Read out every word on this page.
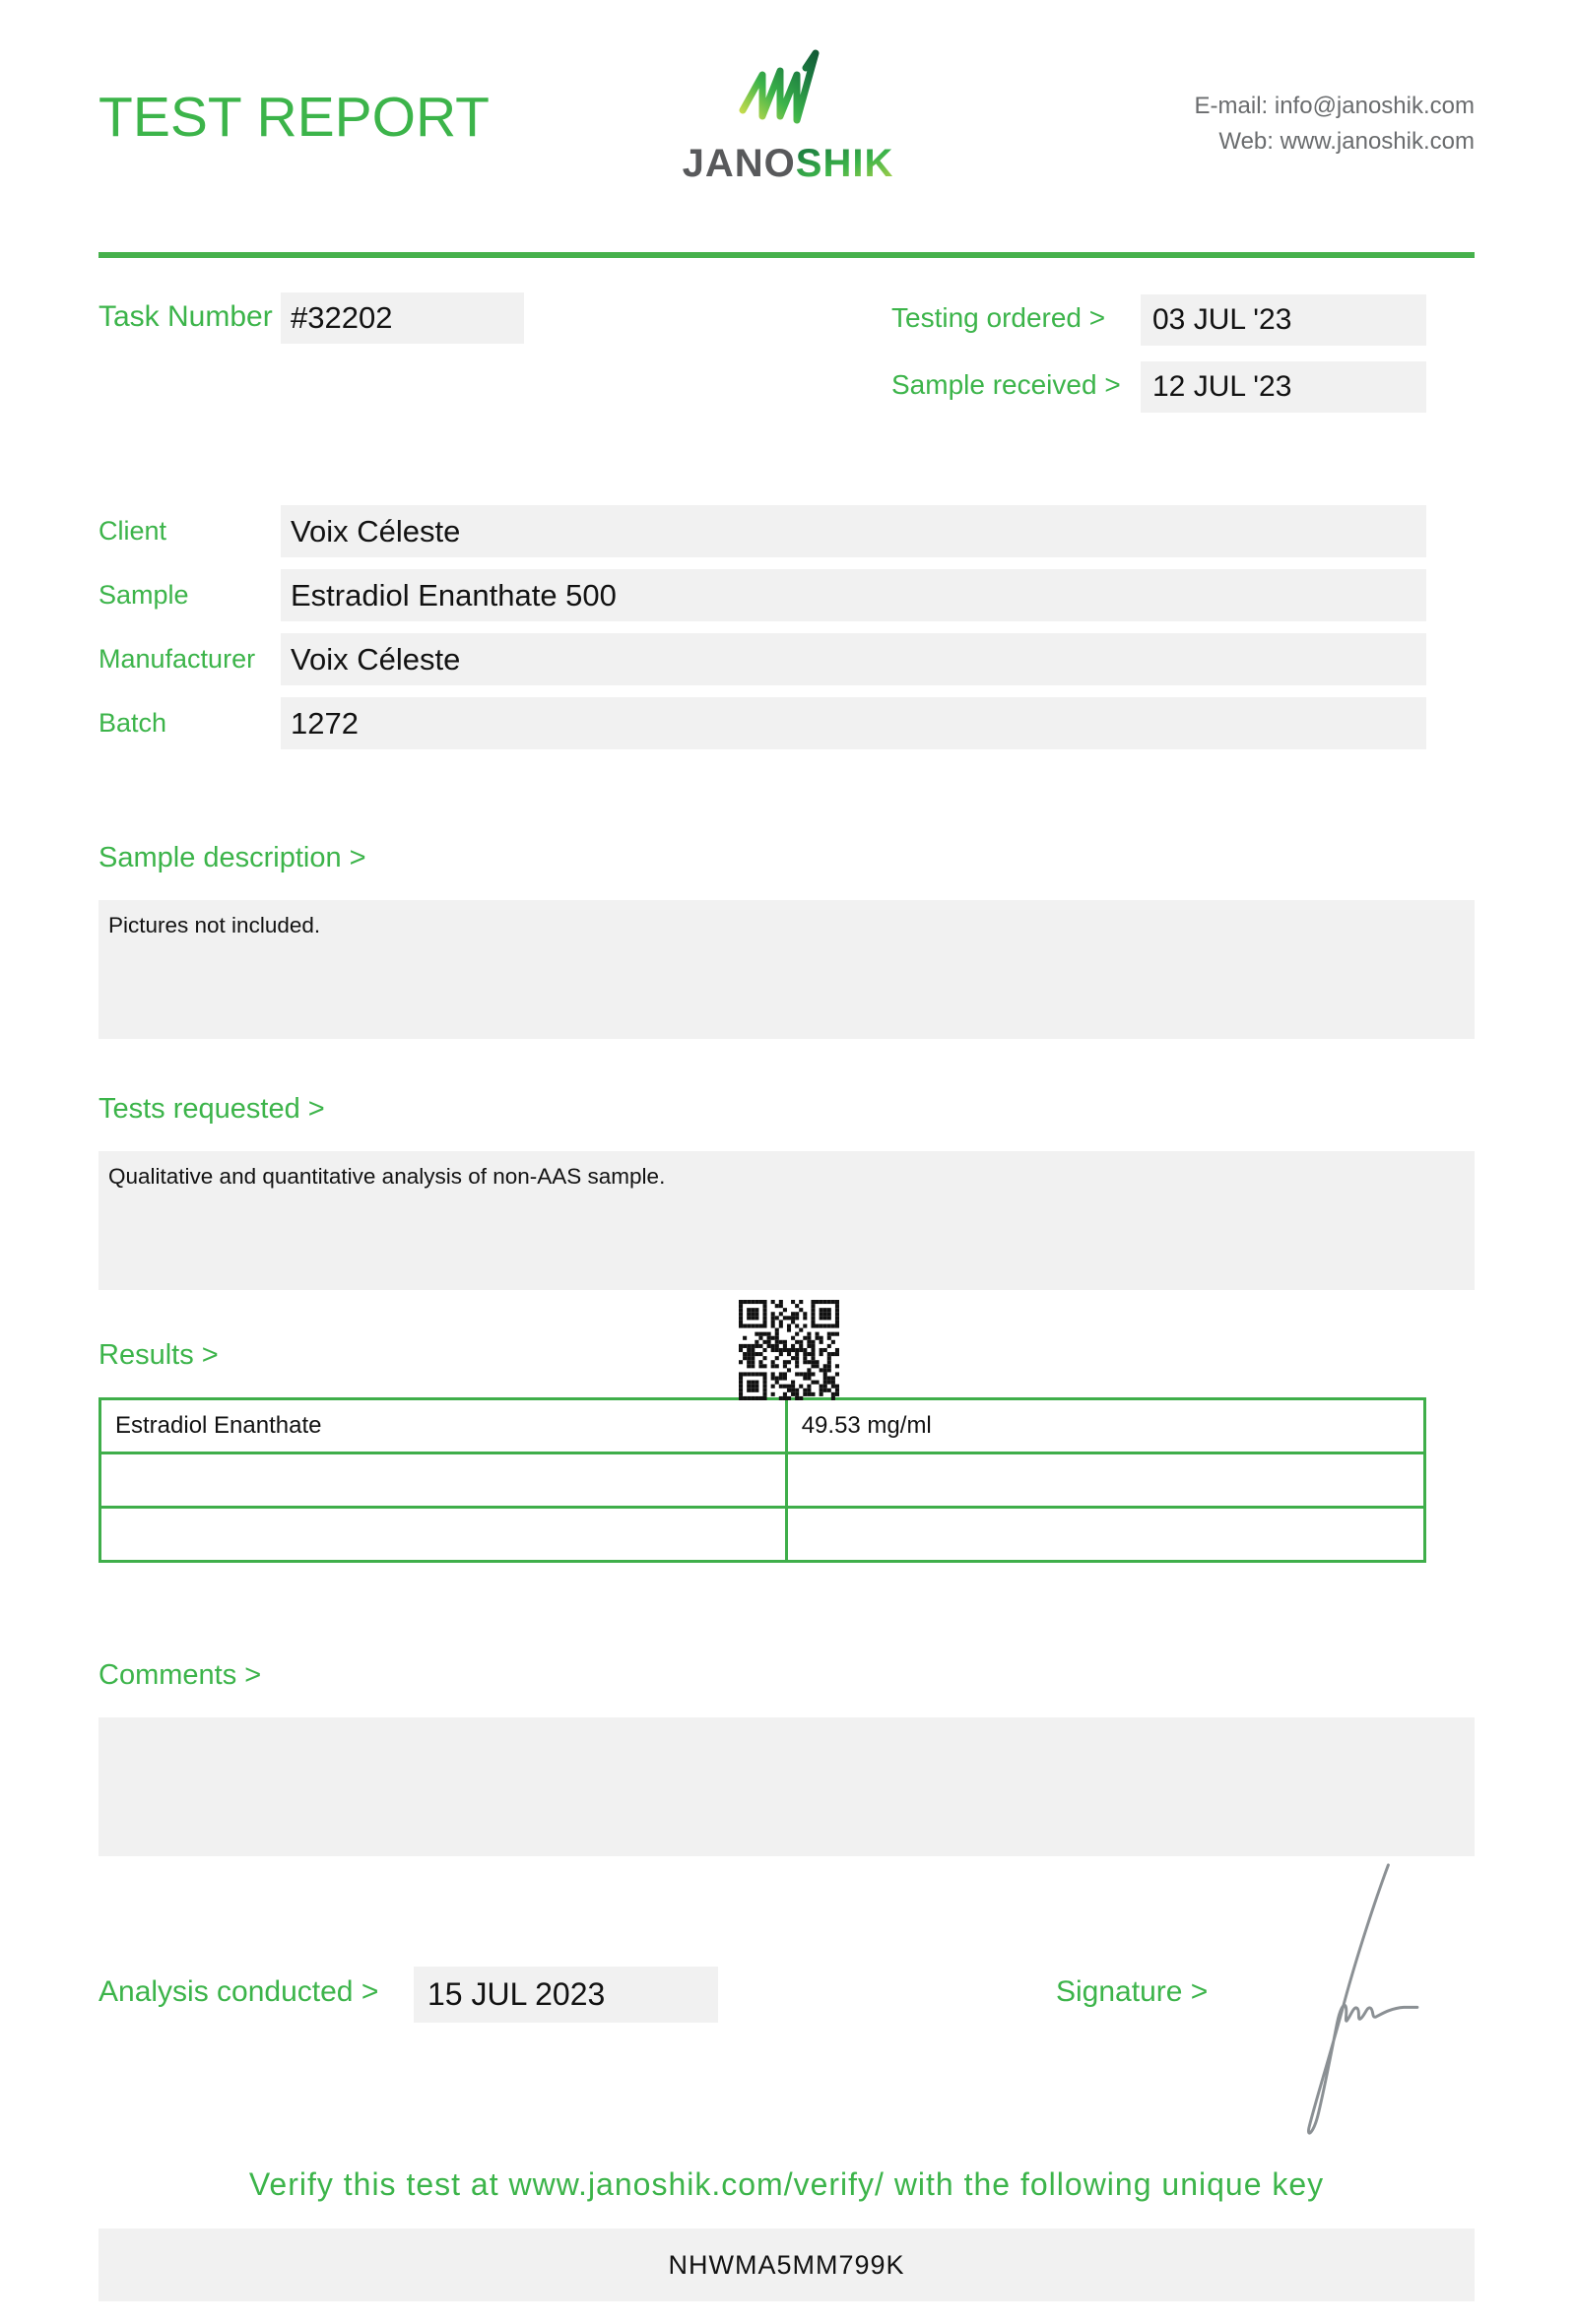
TEST REPORT
JANOSHIK
E-mail: info@janoshik.com
Web: www.janoshik.com
Task Number #32202	Testing ordered >	03 JUL '23
Sample received >	12 JUL '23
Client	Voix Céleste
Sample	Estradiol Enanthate 500
Manufacturer	Voix Céleste
Batch	1272
Sample description >
Pictures not included.
Tests requested >
Qualitative and quantitative analysis of non-AAS sample.
Results >
Estradiol Enanthate	49.53 mg/ml

Comments >
Analysis conducted >	15 JUL 2023	Signature >
Verify this test at www.janoshik.com/verify/ with the following unique key
NHWMA5MM799K
